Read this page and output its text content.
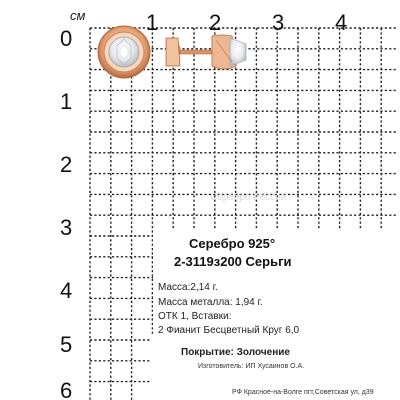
см	1 2 3 4
0
1
2
3
4
5
6
Серебро России
Серебро 925°
2-3119з200 Серьги
Масса:2,14 г.
Масса металла: 1,94 г.
ОТК 1, Вставки:
2 Фианит Бесцветный Круг 6,0
Покрытие: Золочение
Изготовитель: ИП Хусаинов О.А.
РФ Красное-на-Волге пгт,Советская ул, д39
